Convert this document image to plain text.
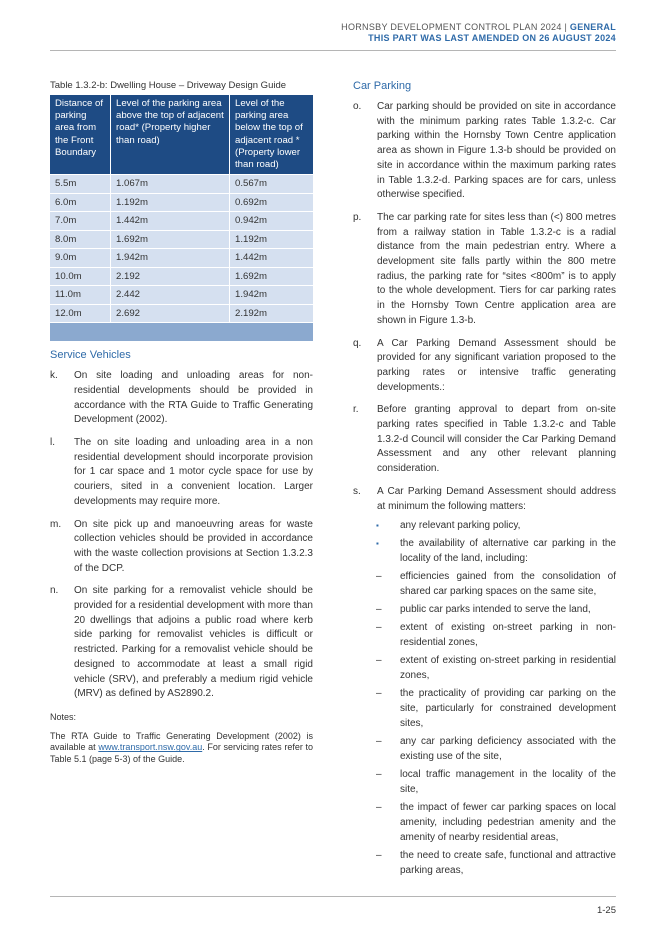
HORNSBY DEVELOPMENT CONTROL PLAN 2024 | GENERAL
THIS PART WAS LAST AMENDED ON 26 AUGUST 2024

Table 1.3.2-b: Dwelling House – Driveway Design Guide

Distance of parking area from the Front Boundary	Level of the parking area above the top of adjacent road* (Property higher than road)	Level of the parking area below the top of adjacent road * (Property lower than road)
5.5m	1.067m	0.567m
6.0m	1.192m	0.692m
7.0m	1.442m	0.942m
8.0m	1.692m	1.192m
9.0m	1.942m	1.442m
10.0m	2.192	1.692m
11.0m	2.442	1.942m
12.0m	2.692	2.192m
Service Vehicles
k.	On site loading and unloading areas for non-residential developments should be provided in accordance with the RTA Guide to Traffic Generating Development (2002).
l.	The on site loading and unloading area in a non residential development should incorporate provision for 1 car space and 1 motor cycle space for use by couriers, sited in a convenient location. Larger developments may require more.
m.	On site pick up and manoeuvring areas for waste collection vehicles should be provided in accordance with the waste collection provisions at Section 1.3.2.3 of the DCP.
n.	On site parking for a removalist vehicle should be provided for a residential development with more than 20 dwellings that adjoins a public road where kerb side parking for removalist vehicles is difficult or restricted. Parking for a removalist vehicle should be designed to accommodate at least a small rigid vehicle (SRV), and preferably a medium rigid vehicle (MRV) as defined by AS2890.2.

Notes:

The RTA Guide to Traffic Generating Development (2002) is available at www.transport.nsw.gov.au. For servicing rates refer to Table 5.1 (page 5-3) of the Guide.

Car Parking
o.	Car parking should be provided on site in accordance with the minimum parking rates Table 1.3.2-c. Car parking within the Hornsby Town Centre application area as shown in Figure 1.3-b should be provided on site in accordance within the maximum parking rates in Table 1.3.2-d. Parking spaces are for cars, unless otherwise specified.
p.	The car parking rate for sites less than (<) 800 metres from a railway station in Table 1.3.2-c is a radial distance from the main pedestrian entry. Where a development site falls partly within the 800 metre radius, the parking rate for “sites <800m” is to apply to the whole development. Tiers for car parking rates in the Hornsby Town Centre application area are shown in Figure 1.3-b.
q.	A Car Parking Demand Assessment should be provided for any significant variation proposed to the parking rates or intensive traffic generating developments.:
r.	Before granting approval to depart from on-site parking rates specified in Table 1.3.2-c and Table 1.3.2-d Council will consider the Car Parking Demand Assessment and any other relevant planning consideration.
s.	A Car Parking Demand Assessment should address at minimum the following matters:
▪	any relevant parking policy,
▪	the availability of alternative car parking in the locality of the land, including:
–	efficiencies gained from the consolidation of shared car parking spaces on the same site,
–	public car parks intended to serve the land,
–	extent of existing on-street parking in non-residential zones,
–	extent of existing on-street parking in residential zones,
–	the practicality of providing car parking on the site, particularly for constrained development sites,
–	any car parking deficiency associated with the existing use of the site,
–	local traffic management in the locality of the site,
–	the impact of fewer car parking spaces on local amenity, including pedestrian amenity and the amenity of nearby residential areas,
–	the need to create safe, functional and attractive parking areas,
1-25
